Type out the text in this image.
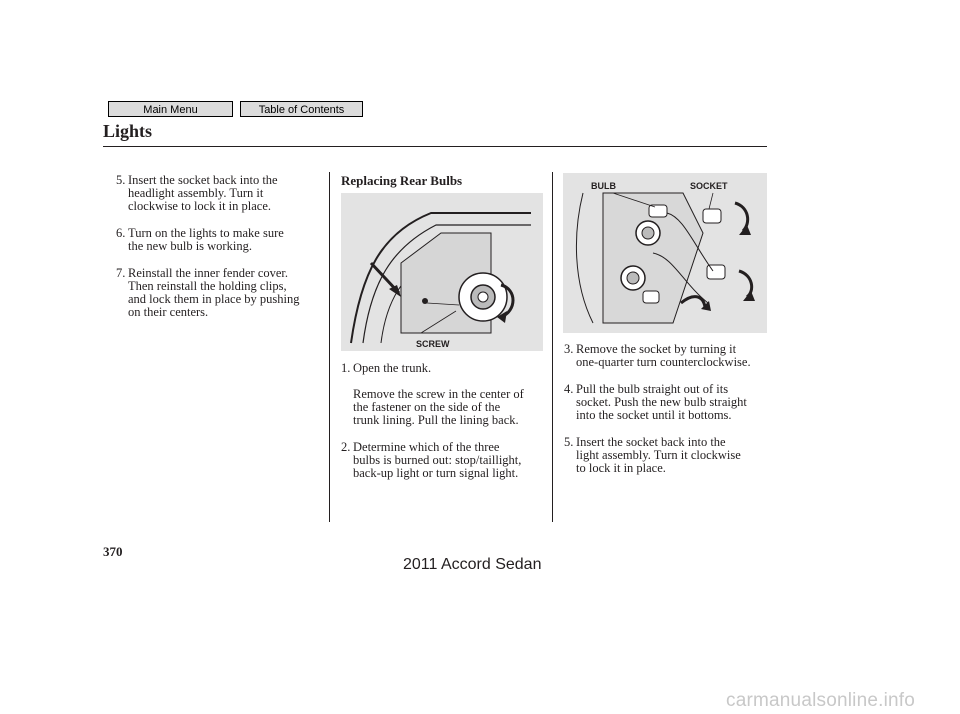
Main Menu	Table of Contents
Lights
5. Insert the socket back into the
headlight assembly. Turn it
clockwise to lock it in place.
6. Turn on the lights to make sure
the new bulb is working.
7. Reinstall the inner fender cover.
Then reinstall the holding clips,
and lock them in place by pushing
on their centers.
Replacing Rear Bulbs
SCREW
1. Open the trunk.
Remove the screw in the center of
the fastener on the side of the
trunk lining. Pull the lining back.
2. Determine which of the three
bulbs is burned out: stop/taillight,
back-up light or turn signal light.
BULB	SOCKET
3. Remove the socket by turning it
one-quarter turn counterclockwise.
4. Pull the bulb straight out of its
socket. Push the new bulb straight
into the socket until it bottoms.
5. Insert the socket back into the
light assembly. Turn it clockwise
to lock it in place.
370
2011 Accord Sedan
carmanualsonline.info
